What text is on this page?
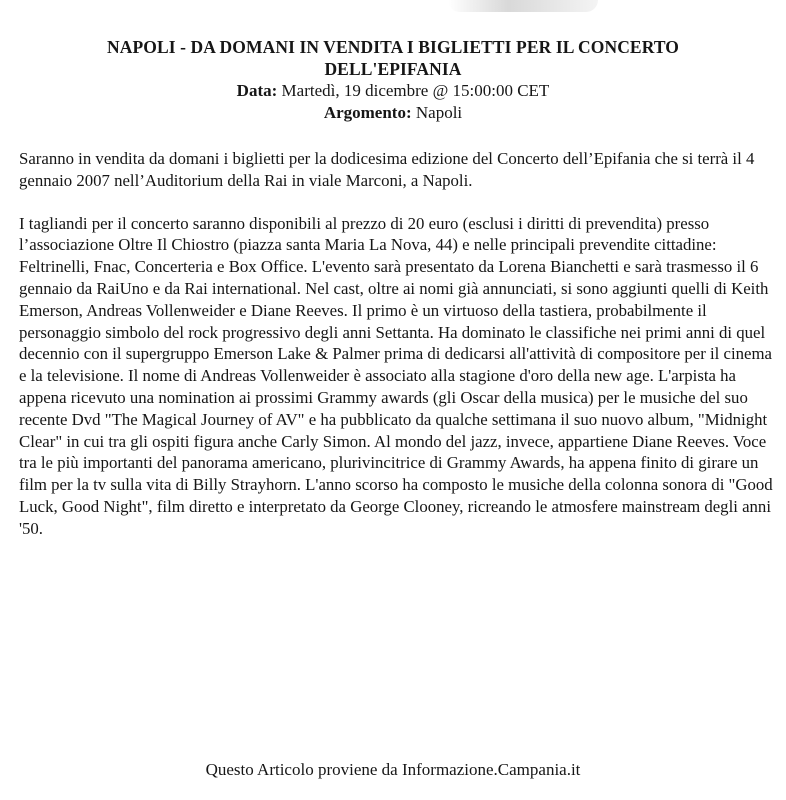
NAPOLI - DA DOMANI IN VENDITA I BIGLIETTI PER IL CONCERTO DELL'EPIFANIA
Data: Martedì, 19 dicembre @ 15:00:00 CET
Argomento: Napoli

Saranno in vendita da domani i biglietti per la dodicesima edizione del Concerto dell’Epifania che si terrà il 4 gennaio 2007 nell’Auditorium della Rai in viale Marconi, a Napoli.

I tagliandi per il concerto saranno disponibili al prezzo di 20 euro (esclusi i diritti di prevendita) presso l’associazione Oltre Il Chiostro (piazza santa Maria La Nova, 44) e nelle principali prevendite cittadine: Feltrinelli, Fnac, Concerteria e Box Office. L'evento sarà presentato da Lorena Bianchetti e sarà trasmesso il 6 gennaio da RaiUno e da Rai international. Nel cast, oltre ai nomi già annunciati, si sono aggiunti quelli di Keith Emerson, Andreas Vollenweider e Diane Reeves. Il primo è un virtuoso della tastiera, probabilmente il personaggio simbolo del rock progressivo degli anni Settanta. Ha dominato le classifiche nei primi anni di quel decennio con il supergruppo Emerson Lake & Palmer prima di dedicarsi all'attività di compositore per il cinema e la televisione. Il nome di Andreas Vollenweider è associato alla stagione d'oro della new age. L'arpista ha appena ricevuto una nomination ai prossimi Grammy awards (gli Oscar della musica) per le musiche del suo recente Dvd "The Magical Journey of AV" e ha pubblicato da qualche settimana il suo nuovo album, "Midnight Clear" in cui tra gli ospiti figura anche Carly Simon. Al mondo del jazz, invece, appartiene Diane Reeves. Voce tra le più importanti del panorama americano, plurivincitrice di Grammy Awards, ha appena finito di girare un film per la tv sulla vita di Billy Strayhorn. L'anno scorso ha composto le musiche della colonna sonora di "Good Luck, Good Night", film diretto e interpretato da George Clooney, ricreando le atmosfere mainstream degli anni '50.

Questo Articolo proviene da Informazione.Campania.it
